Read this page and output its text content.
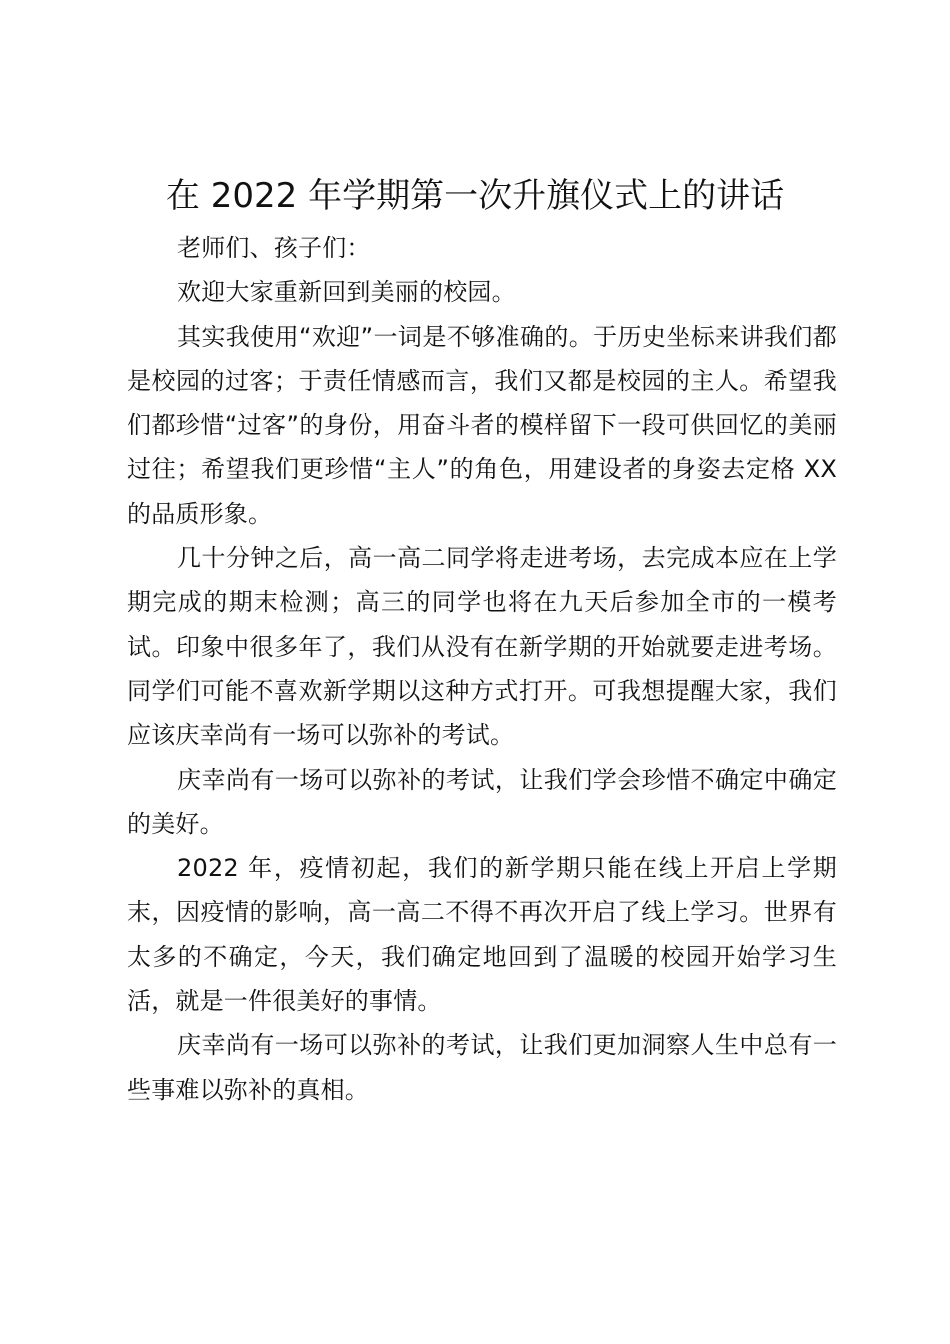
在 2022 年学期第一次升旗仪式上的讲话

老师们、孩子们：

欢迎大家重新回到美丽的校园。

其实我使用“欢迎”一词是不够准确的。于历史坐标来讲我们都是校园的过客；于责任情感而言，我们又都是校园的主人。希望我们都珍惜“过客”的身份，用奋斗者的模样留下一段可供回忆的美丽过往；希望我们更珍惜“主人”的角色，用建设者的身姿去定格 XX 的品质形象。

几十分钟之后，高一高二同学将走进考场，去完成本应在上学期完成的期末检测；高三的同学也将在九天后参加全市的一模考试。印象中很多年了，我们从没有在新学期的开始就要走进考场。同学们可能不喜欢新学期以这种方式打开。可我想提醒大家，我们应该庆幸尚有一场可以弥补的考试。

庆幸尚有一场可以弥补的考试，让我们学会珍惜不确定中确定的美好。

2022 年，疫情初起，我们的新学期只能在线上开启上学期末，因疫情的影响，高一高二不得不再次开启了线上学习。世界有太多的不确定，今天，我们确定地回到了温暖的校园开始学习生活，就是一件很美好的事情。

庆幸尚有一场可以弥补的考试，让我们更加洞察人生中总有一些事难以弥补的真相。
